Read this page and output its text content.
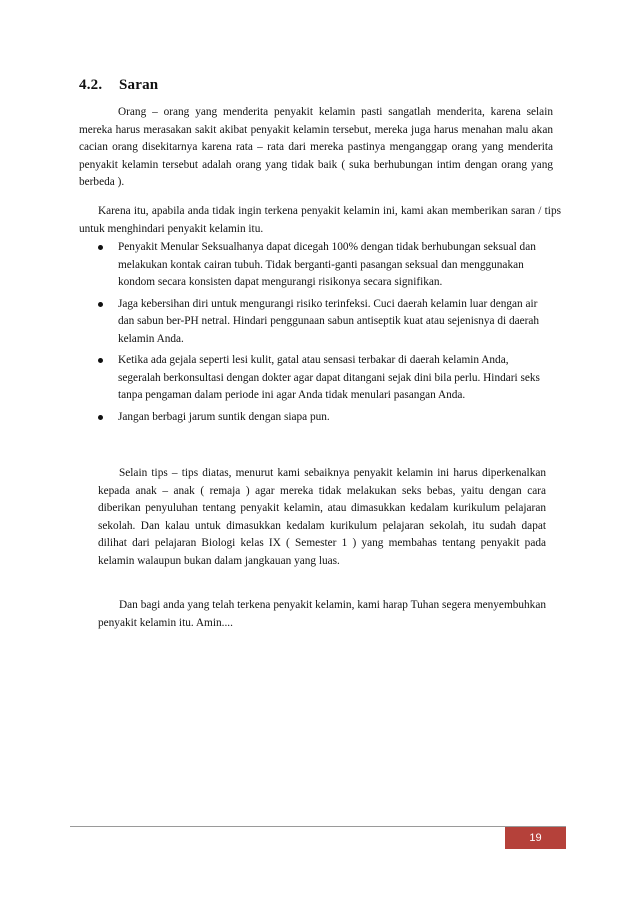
4.2. Saran

Orang – orang yang menderita penyakit kelamin pasti sangatlah menderita, karena selain mereka harus merasakan sakit akibat penyakit kelamin tersebut, mereka juga harus menahan malu akan cacian orang disekitarnya karena rata – rata dari mereka pastinya menganggap orang yang menderita penyakit kelamin tersebut adalah orang yang tidak baik ( suka berhubungan intim dengan orang yang berbeda ).

Karena itu, apabila anda tidak ingin terkena penyakit kelamin ini, kami akan memberikan saran / tips untuk menghindari penyakit kelamin itu.

Penyakit Menular Seksualhanya dapat dicegah 100% dengan tidak berhubungan seksual dan melakukan kontak cairan tubuh. Tidak berganti-ganti pasangan seksual dan menggunakan kondom secara konsisten dapat mengurangi risikonya secara signifikan.
Jaga kebersihan diri untuk mengurangi risiko terinfeksi. Cuci daerah kelamin luar dengan air dan sabun ber-PH netral. Hindari penggunaan sabun antiseptik kuat atau sejenisnya di daerah kelamin Anda.
Ketika ada gejala seperti lesi kulit, gatal atau sensasi terbakar di daerah kelamin Anda, segeralah berkonsultasi dengan dokter agar dapat ditangani sejak dini bila perlu. Hindari seks tanpa pengaman dalam periode ini agar Anda tidak menulari pasangan Anda.
Jangan berbagi jarum suntik dengan siapa pun.

Selain tips – tips diatas, menurut kami sebaiknya penyakit kelamin ini harus diperkenalkan kepada anak – anak ( remaja ) agar mereka tidak melakukan seks bebas, yaitu dengan cara diberikan penyuluhan tentang penyakit kelamin, atau dimasukkan kedalam kurikulum pelajaran sekolah. Dan kalau untuk dimasukkan kedalam kurikulum pelajaran sekolah, itu sudah dapat dilihat dari pelajaran Biologi kelas IX ( Semester 1 ) yang membahas tentang penyakit pada kelamin walaupun bukan dalam jangkauan yang luas.

Dan bagi anda yang telah terkena penyakit kelamin, kami harap Tuhan segera menyembuhkan penyakit kelamin itu. Amin....

19
